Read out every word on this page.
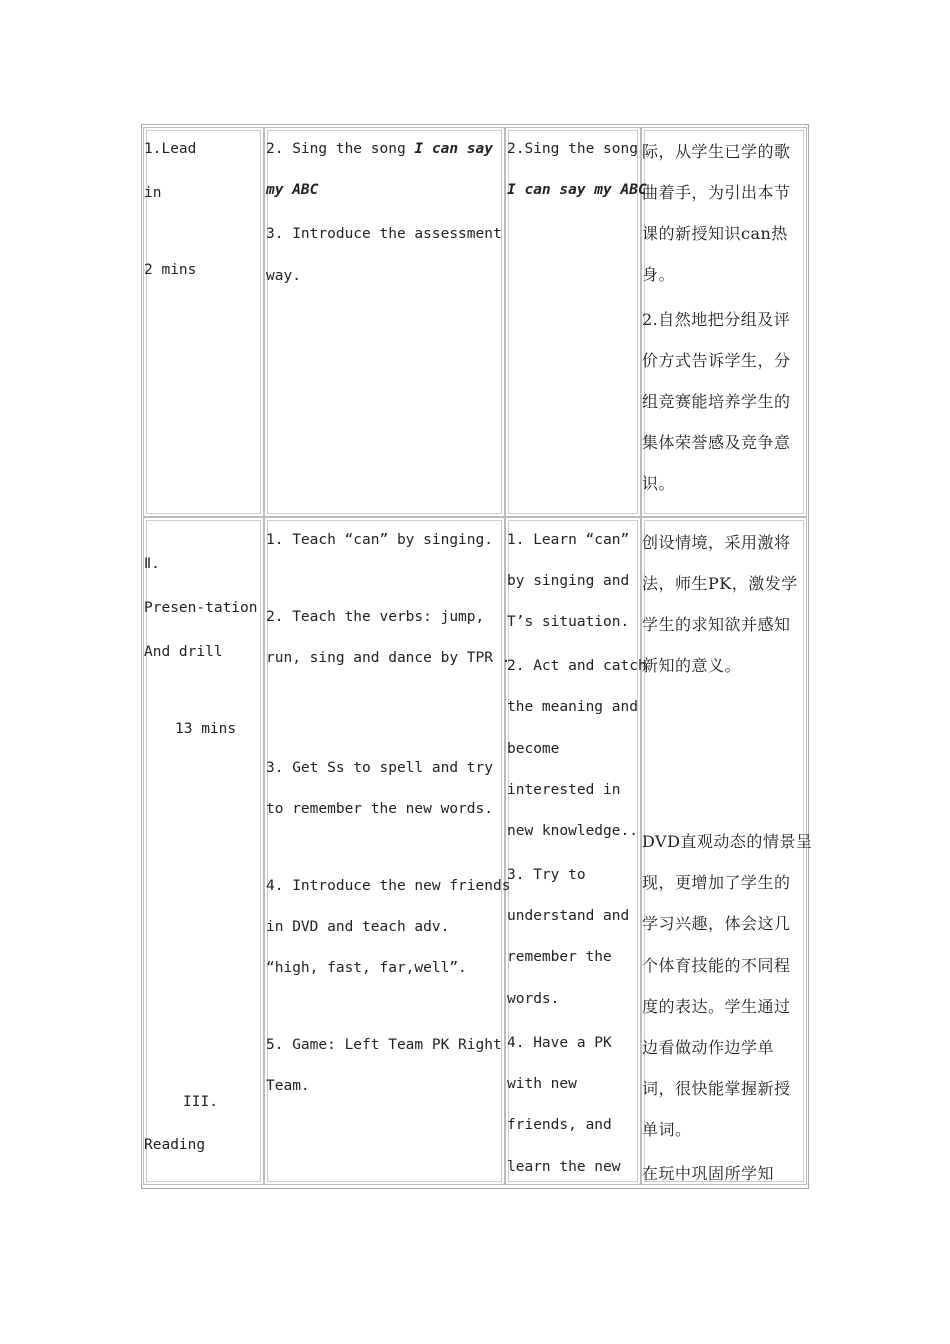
1.Lead
in
2 mins
2. Sing the song I can say
my ABC
3. Introduce the assessment
way.
2.Sing the song
I can say my ABC
际，从学生已学的歌
曲着手，为引出本节
课的新授知识can热
身。
2.自然地把分组及评
价方式告诉学生，分
组竞赛能培养学生的
集体荣誉感及竞争意
识。
Ⅱ.
Presen-tation
And drill
13 mins
III.
Reading
1. Teach “can” by singing.
2. Teach the verbs: jump,
run, sing and dance by TPR .
3. Get Ss to spell and try
to remember the new words.
4. Introduce the new friends
in DVD and teach adv.
“high, fast, far,well”.
5. Game: Left Team PK Right
Team.
1. Learn “can”
by singing and
T’s situation.
2. Act and catch
the meaning and
become
interested in
new knowledge..
3. Try to
understand and
remember the
words.
4. Have a PK
with new
friends, and
learn the new
创设情境，采用激将
法，师生PK，激发学
学生的求知欲并感知
新知的意义。
DVD直观动态的情景呈
现，更增加了学生的
学习兴趣，体会这几
个体育技能的不同程
度的表达。学生通过
边看做动作边学单
词，很快能掌握新授
单词。
在玩中巩固所学知
